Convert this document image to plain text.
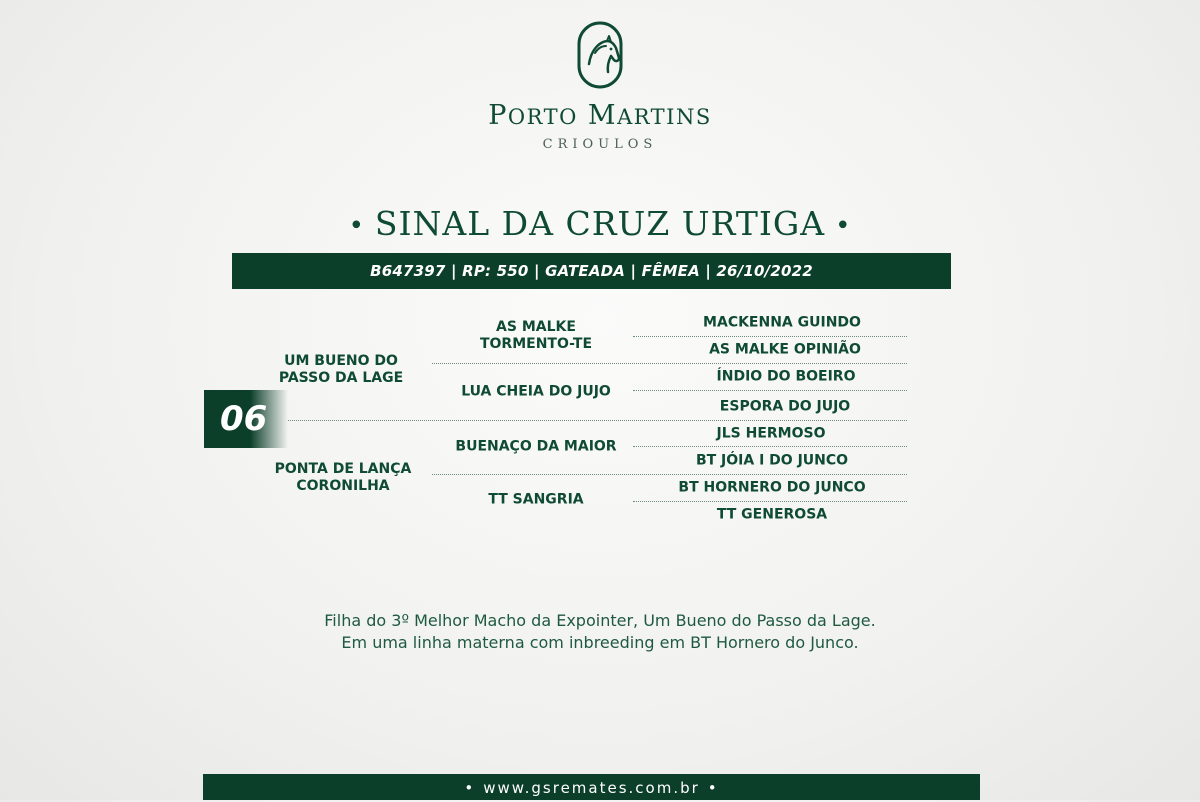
PORTO MARTINS
CRIOULOS
• SINAL DA CRUZ URTIGA •
B647397 | RP: 550 | GATEADA | FÊMEA | 26/10/2022
06
UM BUENO DO
PASSO DA LAGE
PONTA DE LANÇA
CORONILHA
AS MALKE
TORMENTO-TE
LUA CHEIA DO JUJO
BUENAÇO DA MAIOR
TT SANGRIA
MACKENNA GUINDO
AS MALKE OPINIÃO
ÍNDIO DO BOEIRO
ESPORA DO JUJO
JLS HERMOSO
BT JÓIA I DO JUNCO
BT HORNERO DO JUNCO
TT GENEROSA
Filha do 3º Melhor Macho da Expointer, Um Bueno do Passo da Lage.
Em uma linha materna com inbreeding em BT Hornero do Junco.
• www.gsremates.com.br •
